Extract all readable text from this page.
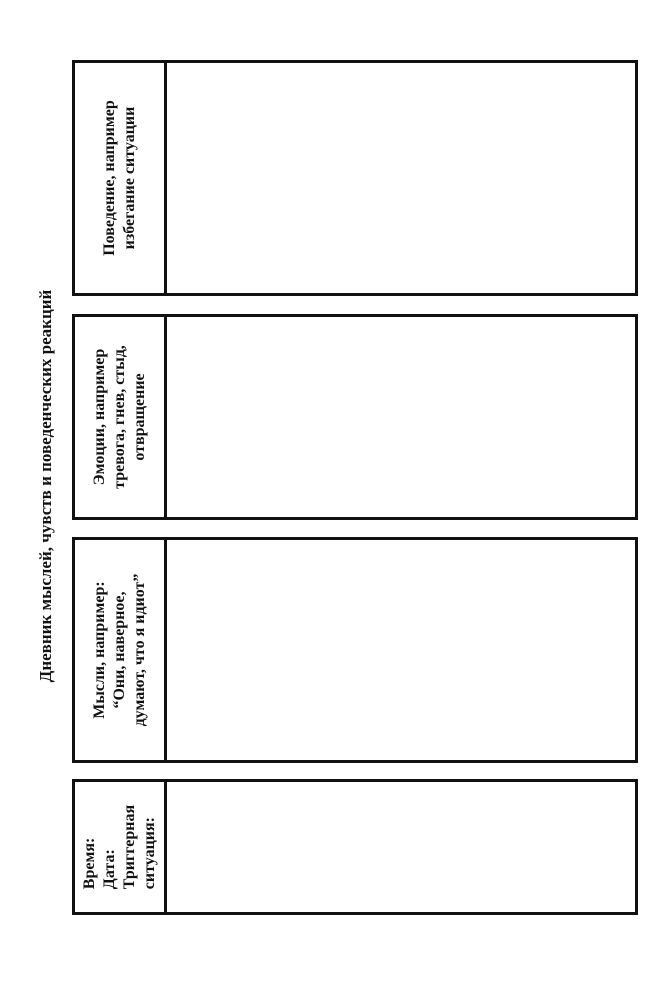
Дневник мыслей, чувств и поведенческих реакций
Поведение, например избегание ситуации
Эмоции, например тревога, гнев, стыд, отвращение
Мысли, например: “Они, наверное, думают, что я идиот”
Время: Дата: Триггерная ситуация:
